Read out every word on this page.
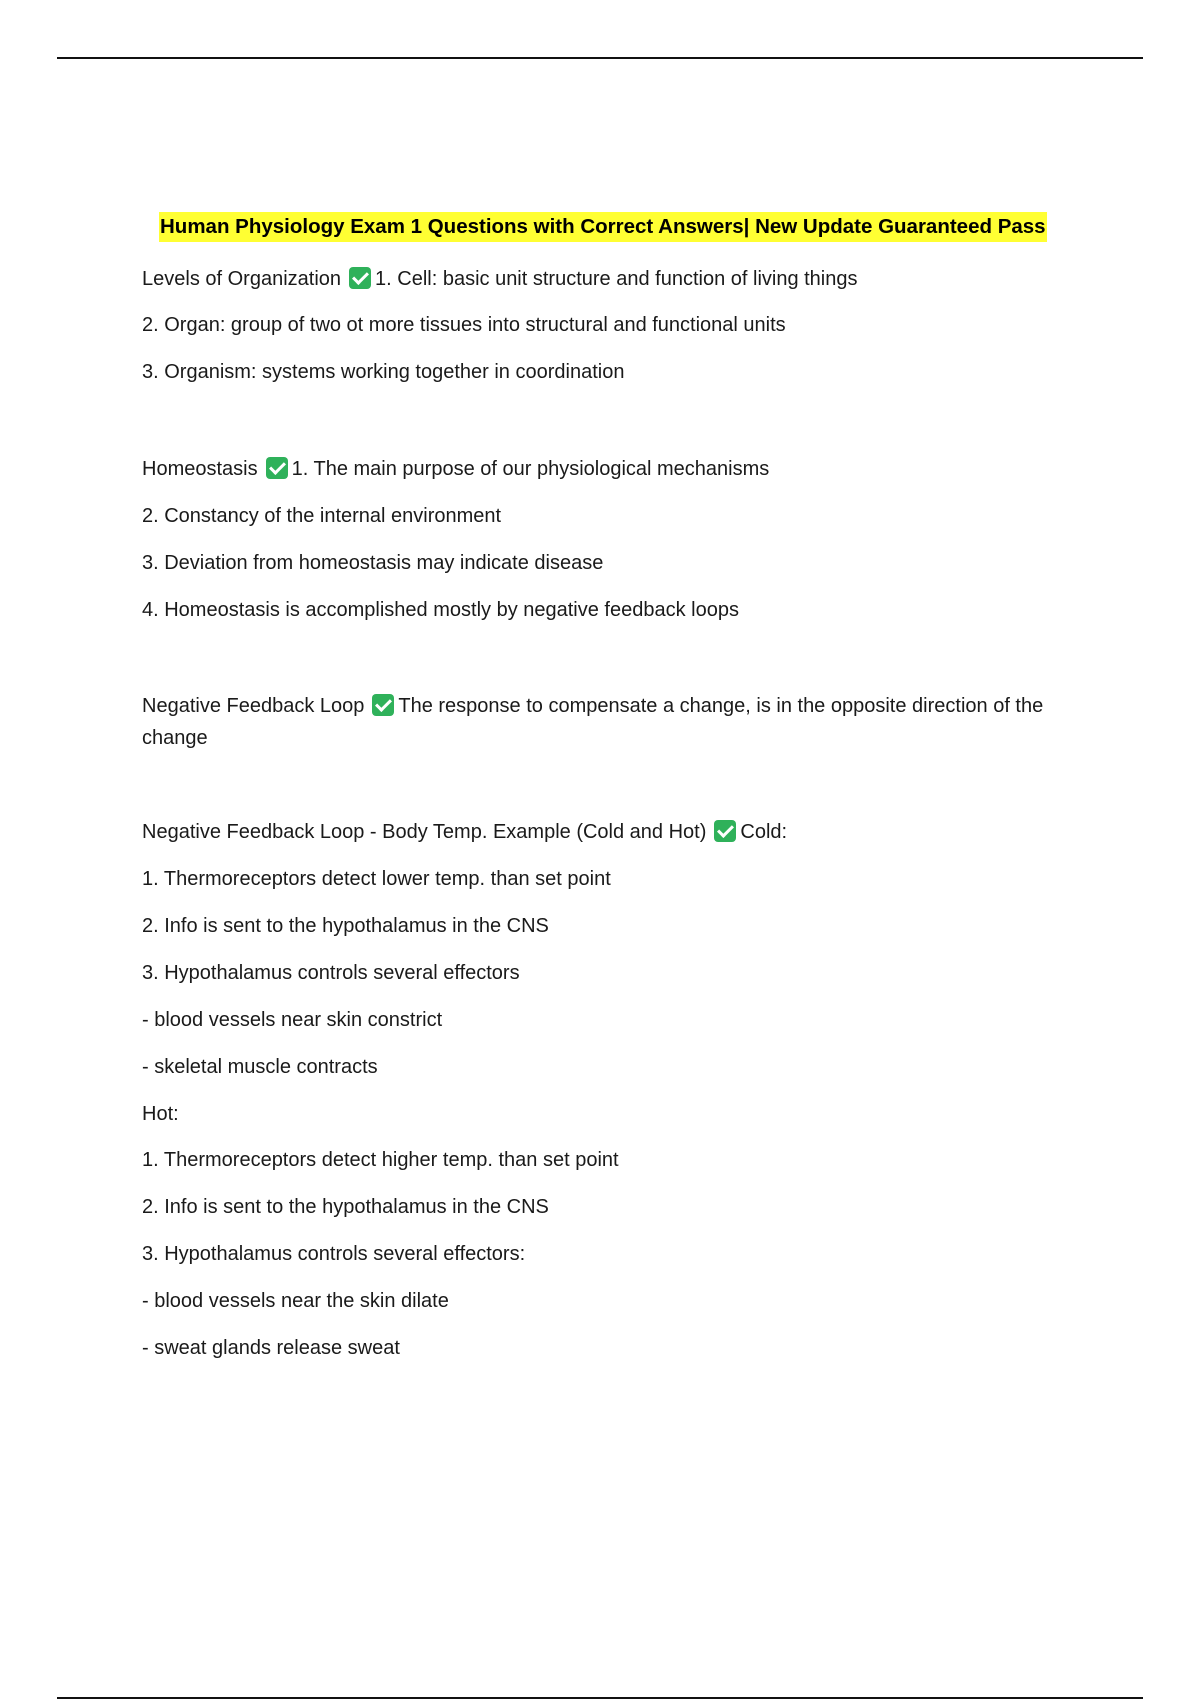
Human Physiology Exam 1 Questions with Correct Answers| New Update Guaranteed Pass
Levels of Organization 1. Cell: basic unit structure and function of living things
2. Organ: group of two ot more tissues into structural and functional units
3. Organism: systems working together in coordination
Homeostasis 1. The main purpose of our physiological mechanisms
2. Constancy of the internal environment
3. Deviation from homeostasis may indicate disease
4. Homeostasis is accomplished mostly by negative feedback loops
Negative Feedback Loop The response to compensate a change, is in the opposite direction of the change
Negative Feedback Loop - Body Temp. Example (Cold and Hot) Cold:
1. Thermoreceptors detect lower temp. than set point
2. Info is sent to the hypothalamus in the CNS
3. Hypothalamus controls several effectors
- blood vessels near skin constrict
- skeletal muscle contracts
Hot:
1. Thermoreceptors detect higher temp. than set point
2. Info is sent to the hypothalamus in the CNS
3. Hypothalamus controls several effectors:
- blood vessels near the skin dilate
- sweat glands release sweat
